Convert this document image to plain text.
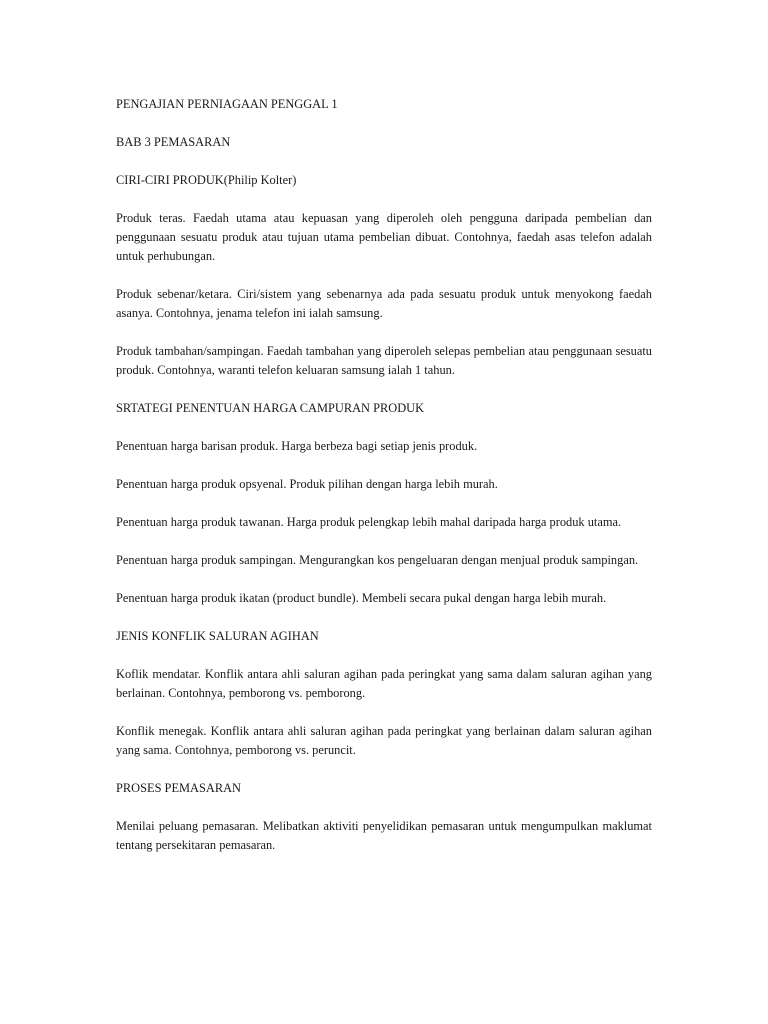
PENGAJIAN PERNIAGAAN PENGGAL 1

BAB 3 PEMASARAN

CIRI-CIRI PRODUK(Philip Kolter)

Produk teras. Faedah utama atau kepuasan yang diperoleh oleh pengguna daripada pembelian dan penggunaan sesuatu produk atau tujuan utama pembelian dibuat. Contohnya, faedah asas telefon adalah untuk perhubungan.

Produk sebenar/ketara. Ciri/sistem yang sebenarnya ada pada sesuatu produk untuk menyokong faedah asanya. Contohnya, jenama telefon ini ialah samsung.

Produk tambahan/sampingan. Faedah tambahan yang diperoleh selepas pembelian atau penggunaan sesuatu produk. Contohnya, waranti telefon keluaran samsung ialah 1 tahun.

SRTATEGI PENENTUAN HARGA CAMPURAN PRODUK

Penentuan harga barisan produk. Harga berbeza bagi setiap jenis produk.

Penentuan harga produk opsyenal. Produk pilihan dengan harga lebih murah.

Penentuan harga produk tawanan. Harga produk pelengkap lebih mahal daripada harga produk utama.

Penentuan harga produk sampingan. Mengurangkan kos pengeluaran dengan menjual produk sampingan.

Penentuan harga produk ikatan (product bundle). Membeli secara pukal dengan harga lebih murah.

JENIS KONFLIK SALURAN AGIHAN

Koflik mendatar. Konflik antara ahli saluran agihan pada peringkat yang sama dalam saluran agihan yang berlainan. Contohnya, pemborong vs. pemborong.

Konflik menegak. Konflik antara ahli saluran agihan pada peringkat yang berlainan dalam saluran agihan yang sama. Contohnya, pemborong vs. peruncit.

PROSES PEMASARAN

Menilai peluang pemasaran. Melibatkan aktiviti penyelidikan pemasaran untuk mengumpulkan maklumat tentang persekitaran pemasaran.
